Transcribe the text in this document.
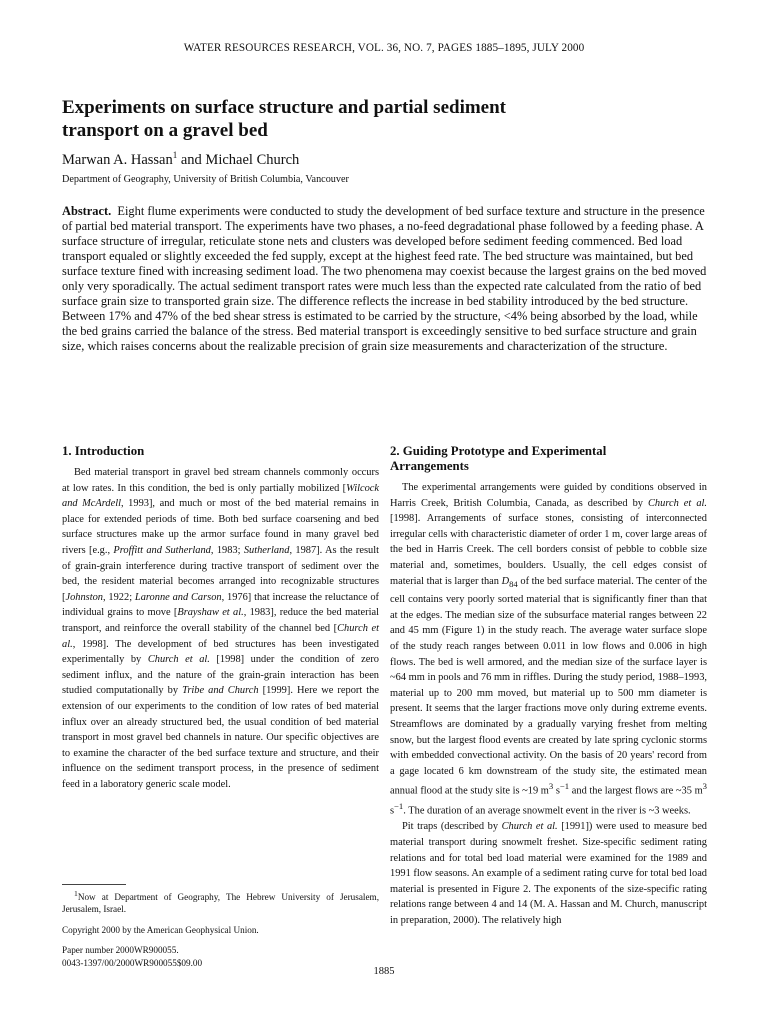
WATER RESOURCES RESEARCH, VOL. 36, NO. 7, PAGES 1885–1895, JULY 2000
Experiments on surface structure and partial sediment
transport on a gravel bed
Marwan A. Hassan$^1$ and Michael Church
Department of Geography, University of British Columbia, Vancouver

Abstract. Eight flume experiments were conducted to study the development of bed surface texture and structure in the presence of partial bed material transport. The experiments have two phases, a no-feed degradational phase followed by a feeding phase. A surface structure of irregular, reticulate stone nets and clusters was developed before sediment feeding commenced. Bed load transport equaled or slightly exceeded the fed supply, except at the highest feed rate. The bed structure was maintained, but bed surface texture fined with increasing sediment load. The two phenomena may coexist because the largest grains on the bed moved only very sporadically. The actual sediment transport rates were much less than the expected rate calculated from the ratio of bed surface grain size to transported grain size. The difference reflects the increase in bed stability introduced by the bed structure. Between 17% and 47% of the bed shear stress is estimated to be carried by the structure, <4% being absorbed by the load, while the bed grains carried the balance of the stress. Bed material transport is exceedingly sensitive to bed surface structure and grain size, which raises concerns about the realizable precision of grain size measurements and characterization of the structure.

1. Introduction

Bed material transport in gravel bed stream channels commonly occurs at low rates. In this condition, the bed is only partially mobilized [Wilcock and McArdell, 1993], and much or most of the bed material remains in place for extended periods of time. Both bed surface coarsening and bed surface structures make up the armor surface found in many gravel bed rivers [e.g., Proffitt and Sutherland, 1983; Sutherland, 1987]. As the result of grain-grain interference during tractive transport of sediment over the bed, the resident material becomes arranged into recognizable structures [Johnston, 1922; Laronne and Carson, 1976] that increase the reluctance of individual grains to move [Brayshaw et al., 1983], reduce the bed material transport, and reinforce the overall stability of the channel bed [Church et al., 1998]. The development of bed structures has been investigated experimentally by Church et al. [1998] under the condition of zero sediment influx, and the nature of the grain-grain interaction has been studied computationally by Tribe and Church [1999]. Here we report the extension of our experiments to the condition of low rates of bed material influx over an already structured bed, the usual condition of bed material transport in most gravel bed channels in nature. Our specific objectives are to examine the character of the bed surface texture and structure, and their influence on the sediment transport process, in the presence of sediment feed in a laboratory generic scale model.

$^1$Now at Department of Geography, The Hebrew University of Jerusalem, Jerusalem, Israel.

Copyright 2000 by the American Geophysical Union.

Paper number 2000WR900055.
0043-1397/00/2000WR900055$09.00

2. Guiding Prototype and Experimental
Arrangements

The experimental arrangements were guided by conditions observed in Harris Creek, British Columbia, Canada, as described by Church et al. [1998]. Arrangements of surface stones, consisting of interconnected irregular cells with characteristic diameter of order 1 m, cover large areas of the bed in Harris Creek. The cell borders consist of pebble to cobble size material and, sometimes, boulders. Usually, the cell edges consist of material that is larger than $D_{84}$ of the bed surface material. The center of the cell contains very poorly sorted material that is significantly finer than that at the edges. The median size of the subsurface material ranges between 22 and 45 mm (Figure 1) in the study reach. The average water surface slope of the study reach ranges between 0.011 in low flows and 0.006 in high flows. The bed is well armored, and the median size of the surface layer is ~64 mm in pools and 76 mm in riffles. During the study period, 1988–1993, material up to 200 mm moved, but material up to 500 mm diameter is present. It seems that the larger fractions move only during extreme events. Streamflows are dominated by a gradually varying freshet from melting snow, but the largest flood events are created by late spring cyclonic storms with embedded convectional activity. On the basis of 20 years' record from a gage located 6 km downstream of the study site, the estimated mean annual flood at the study site is ~19 $m^3$ $s^{-1}$ and the largest flows are ~35 $m^3$ $s^{-1}$. The duration of an average snowmelt event in the river is ~3 weeks.

Pit traps (described by Church et al. [1991]) were used to measure bed material transport during snowmelt freshet. Size-specific sediment rating relations and for total bed load material were examined for the 1989 and 1991 flow seasons. An example of a sediment rating curve for total bed load material is presented in Figure 2. The exponents of the size-specific rating relations range between 4 and 14 (M. A. Hassan and M. Church, manuscript in preparation, 2000). The relatively high

1885
